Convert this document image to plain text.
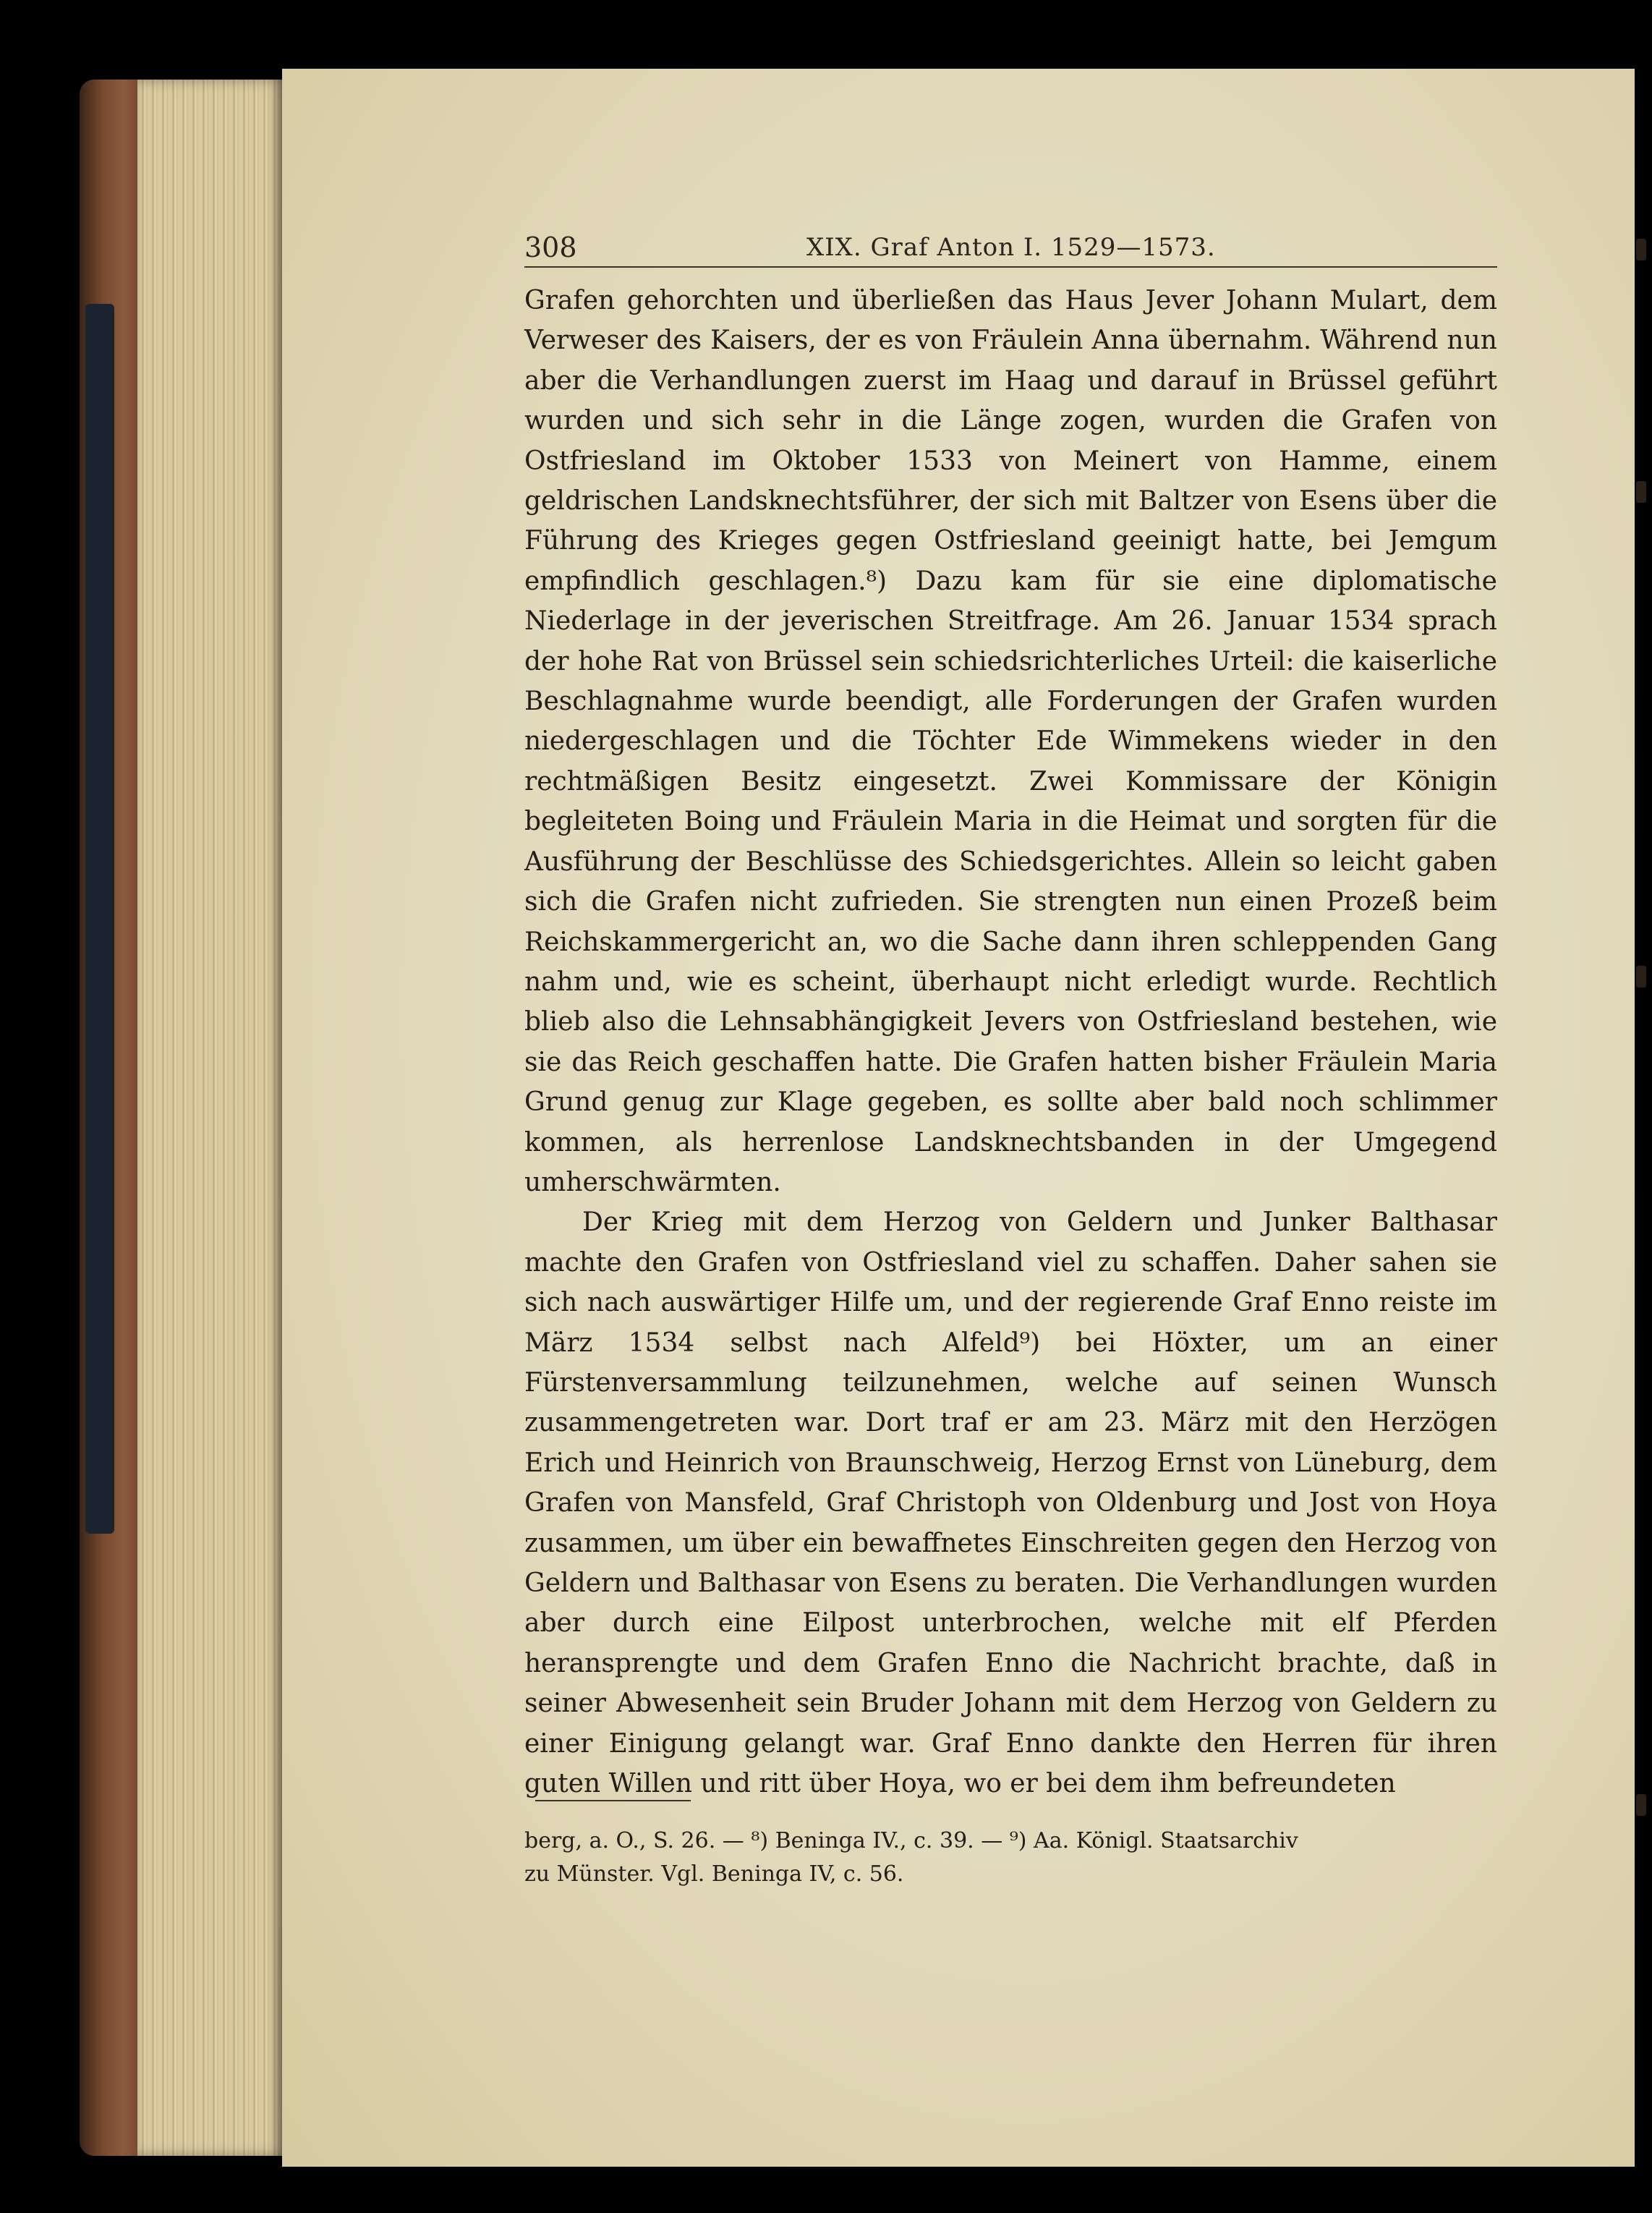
308	XIX. Graf Anton I. 1529—1573.

Grafen gehorchten und überließen das Haus Jever Johann Mulart, dem Verweser des Kaisers, der es von Fräulein Anna übernahm. Während nun aber die Verhandlungen zuerst im Haag und darauf in Brüssel geführt wurden und sich sehr in die Länge zogen, wurden die Grafen von Ostfriesland im Oktober 1533 von Meinert von Hamme, einem geldrischen Landsknechtsführer, der sich mit Baltzer von Esens über die Führung des Krieges gegen Ostfriesland geeinigt hatte, bei Jemgum empfindlich geschlagen.⁸) Dazu kam für sie eine diplomatische Niederlage in der jeverischen Streitfrage. Am 26. Januar 1534 sprach der hohe Rat von Brüssel sein schiedsrichterliches Urteil: die kaiserliche Beschlagnahme wurde beendigt, alle Forderungen der Grafen wurden niedergeschlagen und die Töchter Ede Wimmekens wieder in den rechtmäßigen Besitz eingesetzt. Zwei Kommissare der Königin begleiteten Boing und Fräulein Maria in die Heimat und sorgten für die Ausführung der Beschlüsse des Schiedsgerichtes. Allein so leicht gaben sich die Grafen nicht zufrieden. Sie strengten nun einen Prozeß beim Reichskammergericht an, wo die Sache dann ihren schleppenden Gang nahm und, wie es scheint, überhaupt nicht erledigt wurde. Rechtlich blieb also die Lehnsabhängigkeit Jevers von Ostfriesland bestehen, wie sie das Reich geschaffen hatte. Die Grafen hatten bisher Fräulein Maria Grund genug zur Klage gegeben, es sollte aber bald noch schlimmer kommen, als herrenlose Landsknechtsbanden in der Umgegend umherschwärmten.

Der Krieg mit dem Herzog von Geldern und Junker Balthasar machte den Grafen von Ostfriesland viel zu schaffen. Daher sahen sie sich nach auswärtiger Hilfe um, und der regierende Graf Enno reiste im März 1534 selbst nach Alfeld⁹) bei Höxter, um an einer Fürstenversammlung teilzunehmen, welche auf seinen Wunsch zusammengetreten war. Dort traf er am 23. März mit den Herzögen Erich und Heinrich von Braunschweig, Herzog Ernst von Lüneburg, dem Grafen von Mansfeld, Graf Christoph von Oldenburg und Jost von Hoya zusammen, um über ein bewaffnetes Einschreiten gegen den Herzog von Geldern und Balthasar von Esens zu beraten. Die Verhandlungen wurden aber durch eine Eilpost unterbrochen, welche mit elf Pferden heransprengte und dem Grafen Enno die Nachricht brachte, daß in seiner Abwesenheit sein Bruder Johann mit dem Herzog von Geldern zu einer Einigung gelangt war. Graf Enno dankte den Herren für ihren guten Willen und ritt über Hoya, wo er bei dem ihm befreundeten

berg, a. O., S. 26. — ⁸) Beninga IV., c. 39. — ⁹) Aa. Königl. Staatsarchiv

zu Münster. Vgl. Beninga IV, c. 56.
